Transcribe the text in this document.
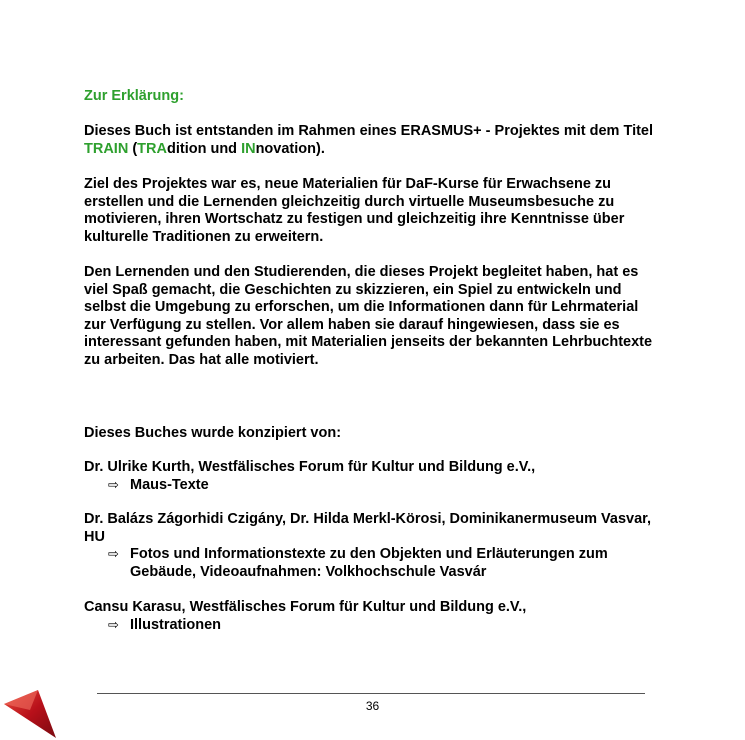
Zur Erklärung:
Dieses Buch ist entstanden im Rahmen eines ERASMUS+ - Projektes mit dem Titel TRAIN (TRAdition und INnovation).
Ziel des Projektes war es, neue Materialien für DaF-Kurse für Erwachsene zu erstellen und die Lernenden gleichzeitig durch virtuelle Museumsbesuche zu motivieren, ihren Wortschatz zu festigen und gleichzeitig ihre Kenntnisse über kulturelle Traditionen zu erweitern.
Den Lernenden und den Studierenden, die dieses Projekt begleitet haben, hat es viel Spaß gemacht, die Geschichten zu skizzieren, ein Spiel zu entwickeln und selbst die Umgebung zu erforschen, um die Informationen dann für Lehrmaterial zur Verfügung zu stellen. Vor allem haben sie darauf hingewiesen, dass sie es interessant gefunden haben, mit Materialien jenseits der bekannten Lehrbuchtexte zu arbeiten. Das hat alle motiviert.
Dieses Buches wurde konzipiert von:
Dr. Ulrike Kurth, Westfälisches Forum für Kultur und Bildung e.V.,
⇨ Maus-Texte
Dr. Balázs Zágorhidi Czigány, Dr. Hilda Merkl-Körosi, Dominikanermuseum Vasvar, HU
⇨ Fotos und Informationstexte zu den Objekten und Erläuterungen zum Gebäude, Videoaufnahmen: Volkhochschule Vasvár
Cansu Karasu, Westfälisches Forum für Kultur und Bildung e.V.,
⇨ Illustrationen
36
